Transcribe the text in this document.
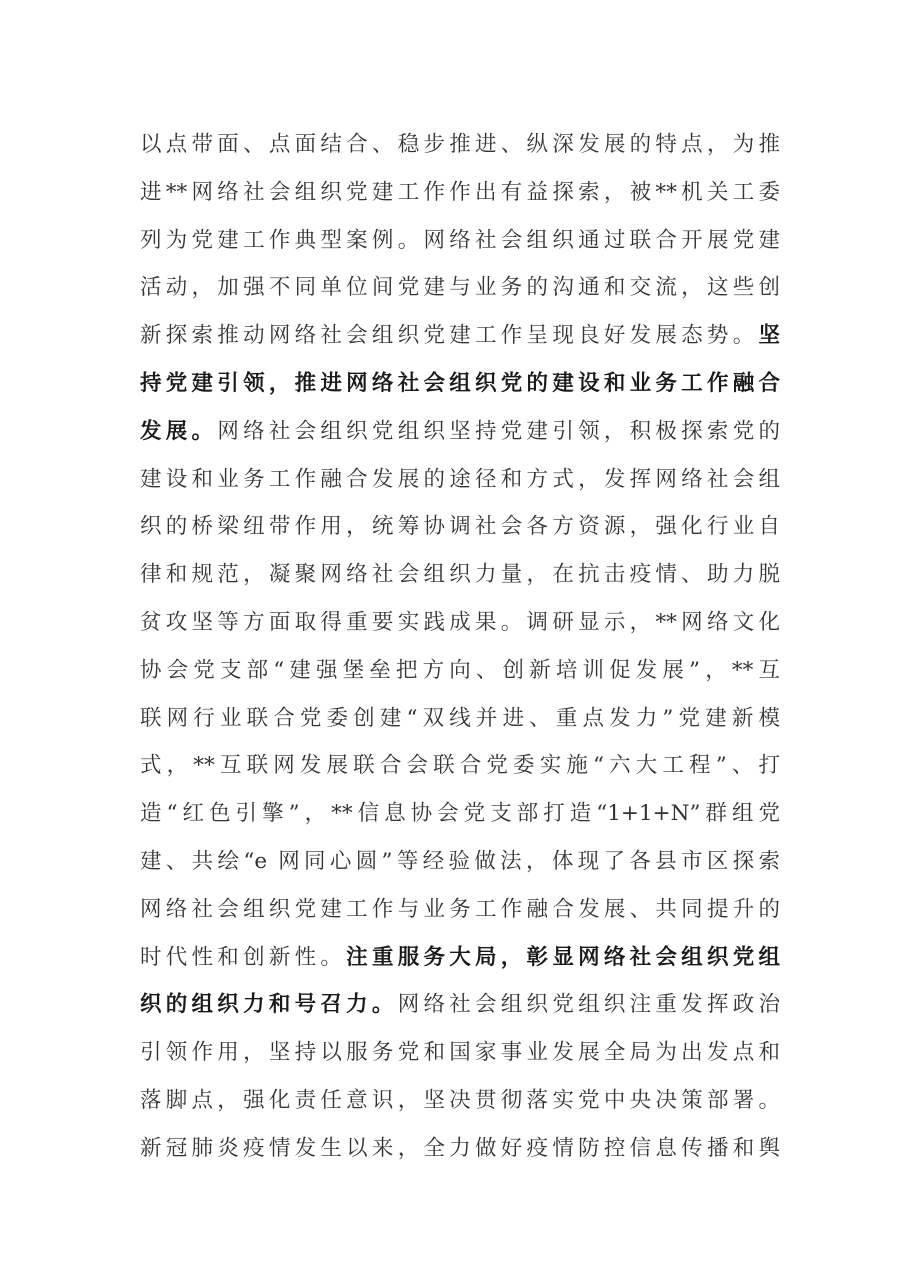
以点带面、点面结合、稳步推进、纵深发展的特点，为推
进**网络社会组织党建工作作出有益探索，被**机关工委
列为党建工作典型案例。网络社会组织通过联合开展党建
活动，加强不同单位间党建与业务的沟通和交流，这些创
新探索推动网络社会组织党建工作呈现良好发展态势。坚
持党建引领，推进网络社会组织党的建设和业务工作融合
发展。网络社会组织党组织坚持党建引领，积极探索党的
建设和业务工作融合发展的途径和方式，发挥网络社会组
织的桥梁纽带作用，统筹协调社会各方资源，强化行业自
律和规范，凝聚网络社会组织力量，在抗击疫情、助力脱
贫攻坚等方面取得重要实践成果。调研显示，**网络文化
协会党支部“建强堡垒把方向、创新培训促发展”，**互
联网行业联合党委创建“双线并进、重点发力”党建新模
式，**互联网发展联合会联合党委实施“六大工程”、打
造“红色引擎”，**信息协会党支部打造“1+1+N”群组党
建、共绘“e 网同心圆”等经验做法，体现了各县市区探索
网络社会组织党建工作与业务工作融合发展、共同提升的
时代性和创新性。注重服务大局，彰显网络社会组织党组
织的组织力和号召力。网络社会组织党组织注重发挥政治
引领作用，坚持以服务党和国家事业发展全局为出发点和
落脚点，强化责任意识，坚决贯彻落实党中央决策部署。
新冠肺炎疫情发生以来，全力做好疫情防控信息传播和舆
